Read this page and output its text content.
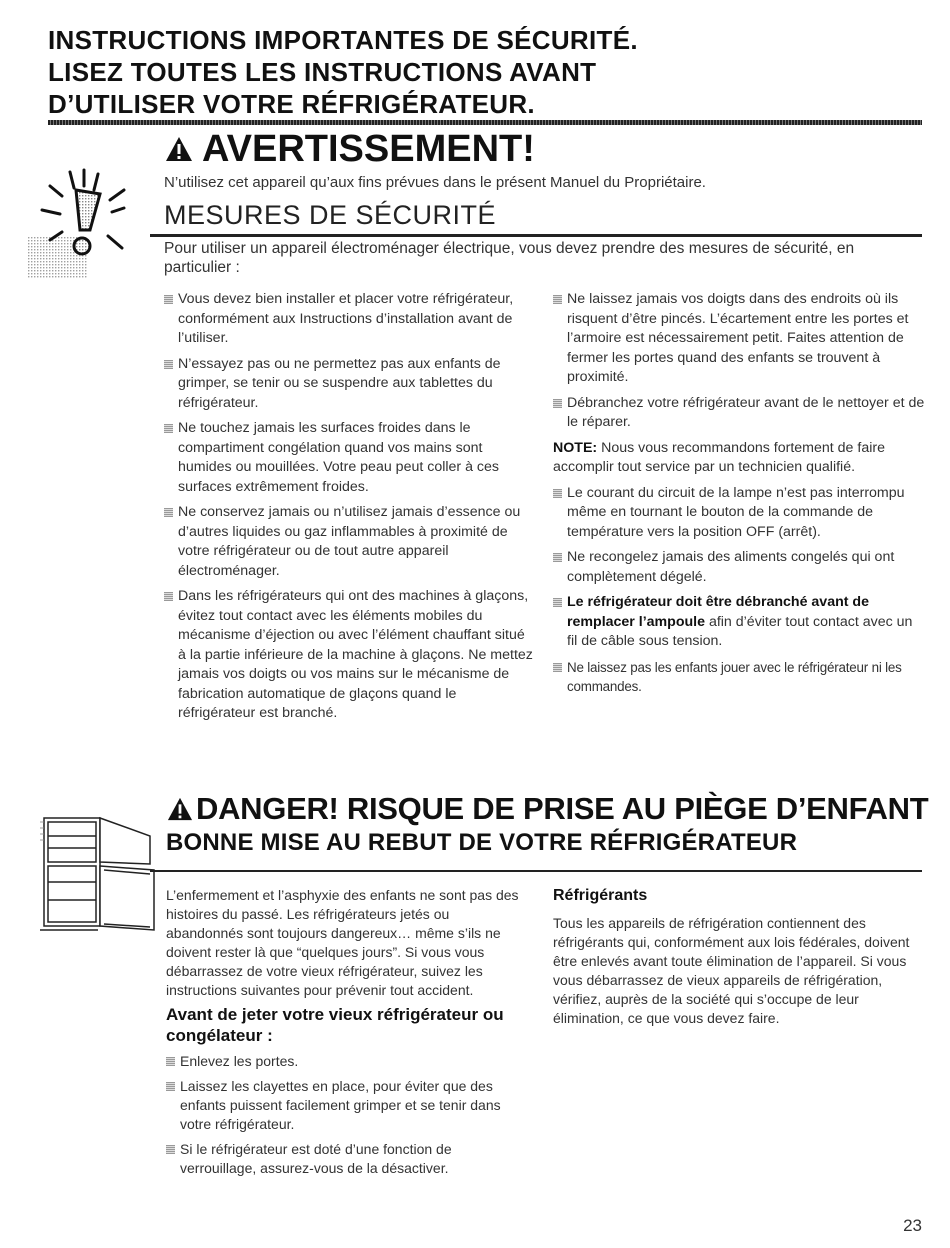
INSTRUCTIONS IMPORTANTES DE SÉCURITÉ.
LISEZ TOUTES LES INSTRUCTIONS AVANT
D’UTILISER VOTRE RÉFRIGÉRATEUR.
AVERTISSEMENT!
N’utilisez cet appareil qu’aux fins prévues dans le présent Manuel du Propriétaire.
MESURES DE SÉCURITÉ
Pour utiliser un appareil électroménager électrique, vous devez prendre des mesures de sécurité, en particulier :
Vous devez bien installer et placer votre réfrigérateur, conformément aux Instructions d’installation avant de l’utiliser.
N’essayez pas ou ne permettez pas aux enfants de grimper, se tenir ou se suspendre aux tablettes du réfrigérateur.
Ne touchez jamais les surfaces froides dans le compartiment congélation quand vos mains sont humides ou mouillées. Votre peau peut coller à ces surfaces extrêmement froides.
Ne conservez jamais ou n’utilisez jamais d’essence ou d’autres liquides ou gaz inflammables à proximité de votre réfrigérateur ou de tout autre appareil électroménager.
Dans les réfrigérateurs qui ont des machines à glaçons, évitez tout contact avec les éléments mobiles du mécanisme d’éjection ou avec l’élément chauffant situé à la partie inférieure de la machine à glaçons. Ne mettez jamais vos doigts ou vos mains sur le mécanisme de fabrication automatique de glaçons quand le réfrigérateur est branché.
Ne laissez jamais vos doigts dans des endroits où ils risquent d’être pincés. L’écartement entre les portes et l’armoire est nécessairement petit. Faites attention de fermer les portes quand des enfants se trouvent à proximité.
Débranchez votre réfrigérateur avant de le nettoyer et de le réparer.
NOTE: Nous vous recommandons fortement de faire accomplir tout service par un technicien qualifié.
Le courant du circuit de la lampe n’est pas interrompu même en tournant le bouton de la commande de température vers la position OFF (arrêt).
Ne recongelez jamais des aliments congelés qui ont complètement dégelé.
Le réfrigérateur doit être débranché avant de remplacer l’ampoule afin d’éviter tout contact avec un fil de câble sous tension.
Ne laissez pas les enfants jouer avec le réfrigérateur ni les commandes.
DANGER! RISQUE DE PRISE AU PIÈGE D’ENFANT
BONNE MISE AU REBUT DE VOTRE RÉFRIGÉRATEUR

L’enfermement et l’asphyxie des enfants ne sont pas des histoires du passé. Les réfrigérateurs jetés ou abandonnés sont toujours dangereux… même s’ils ne doivent rester là que “quelques jours”. Si vous vous débarrassez de votre vieux réfrigérateur, suivez les instructions suivantes pour prévenir tout accident.

Avant de jeter votre vieux réfrigérateur ou congélateur :
Enlevez les portes.
Laissez les clayettes en place, pour éviter que des enfants puissent facilement grimper et se tenir dans votre réfrigérateur.
Si le réfrigérateur est doté d’une fonction de verrouillage, assurez-vous de la désactiver.
Réfrigérants

Tous les appareils de réfrigération contiennent des réfrigérants qui, conformément aux lois fédérales, doivent être enlevés avant toute élimination de l’appareil. Si vous vous débarrassez de vieux appareils de réfrigération, vérifiez, auprès de la société qui s’occupe de leur élimination, ce que vous devez faire.

23
